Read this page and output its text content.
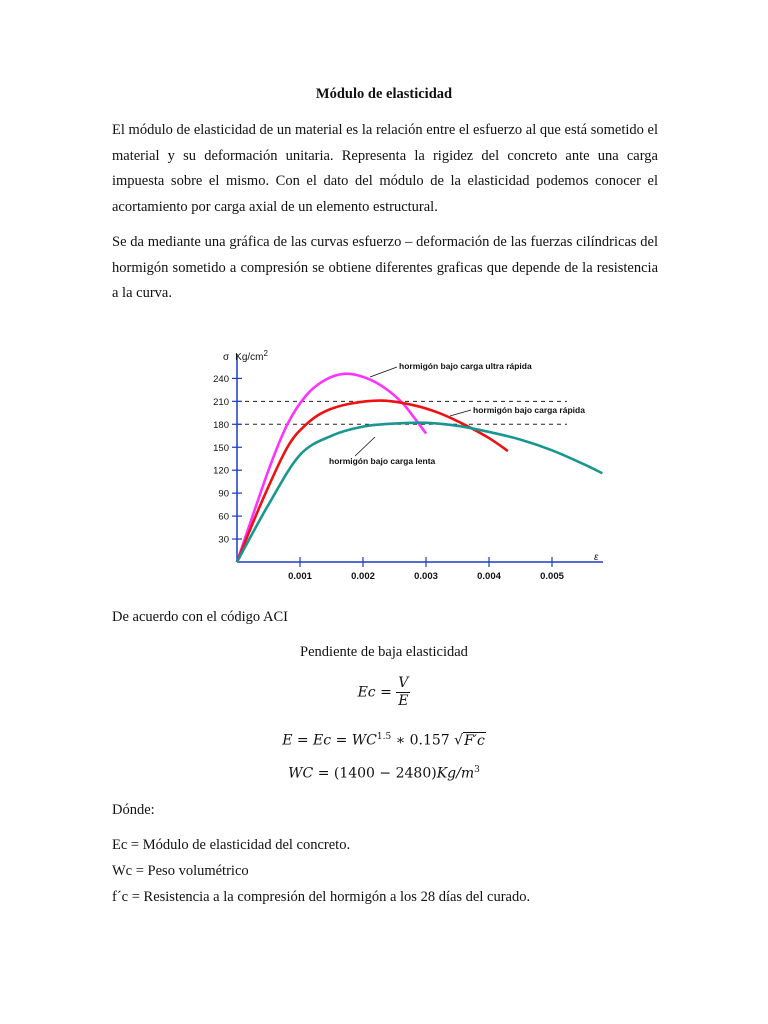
Módulo de elasticidad

El módulo de elasticidad de un material es la relación entre el esfuerzo al que está sometido el material y su deformación unitaria. Representa la rigidez del concreto ante una carga impuesta sobre el mismo. Con el dato del módulo de la elasticidad podemos conocer el acortamiento por carga axial de un elemento estructural.

Se da mediante una gráfica de las curvas esfuerzo – deformación de las fuerzas cilíndricas del hormigón sometido a compresión se obtiene diferentes graficas que depende de la resistencia a la curva.

30
60
90
120
150
180
210
240
0.001	0.002	0.003	0.004	0.005
hormigón bajo carga ultra rápida
hormigón bajo carga rápida
hormigón bajo carga lenta
σ $Kg/cm^2$
ε
De acuerdo con el código ACI
Pendiente de baja elasticidad
$Ec = \frac{V}{E}$
$E = Ec = WC^{1.5}$ ∗ 0.157 √F′c
WC = $(1400 - 2480)Kg/m^3$
Dónde:
Ec = Módulo de elasticidad del concreto.
Wc = Peso volumétrico
f´c = Resistencia a la compresión del hormigón a los 28 días del curado.
